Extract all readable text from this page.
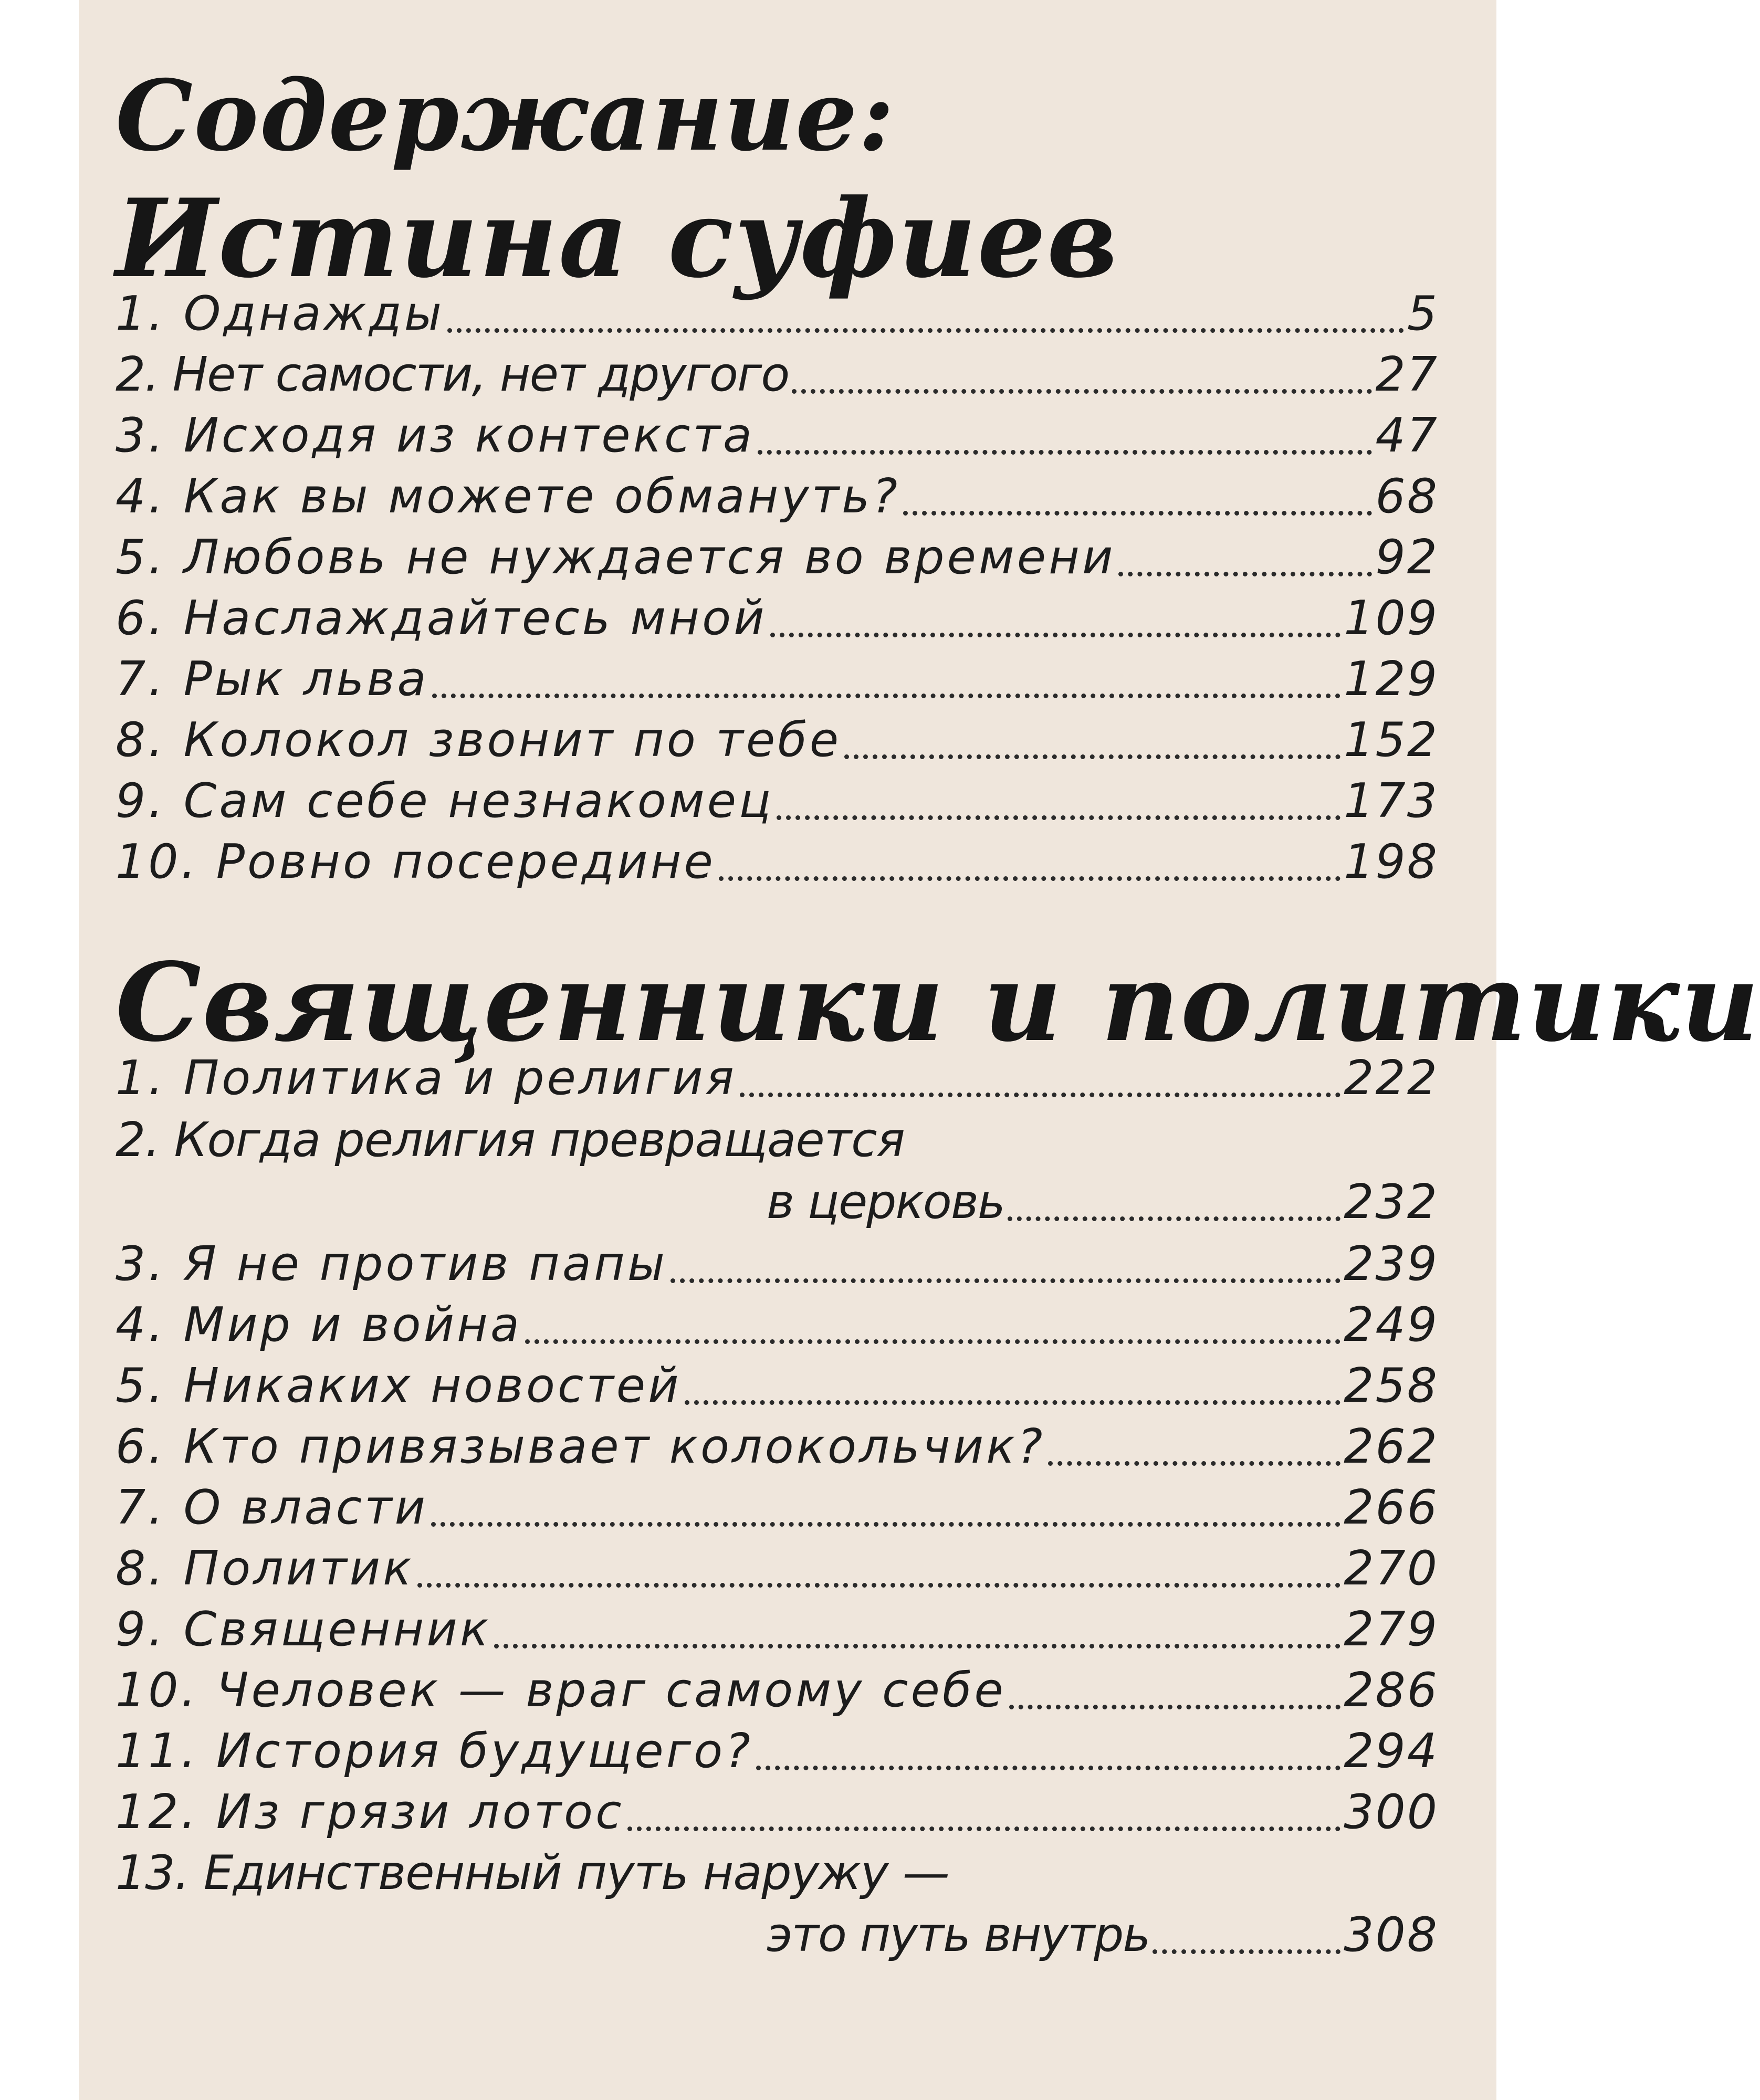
Содержание:
Истина суфиев
1. Однажды	5
2. Нет самости, нет другого	27
3. Исходя из контекста	47
4. Как вы можете обмануть?	68
5. Любовь не нуждается во времени	92
6. Наслаждайтесь мной	109
7. Рык льва	129
8. Колокол звонит по тебе	152
9. Сам себе незнакомец	173
10. Ровно посередине	198
Священники и политики
1. Политика и религия	222
2. Когда религия превращается
в церковь	232
3. Я не против папы	239
4. Мир и война	249
5. Никаких новостей	258
6. Кто привязывает колокольчик?	262
7. О власти	266
8. Политик	270
9. Священник	279
10. Человек — враг самому себе	286
11. История будущего?	294
12. Из грязи лотос	300
13. Единственный путь наружу —
это путь внутрь	308
